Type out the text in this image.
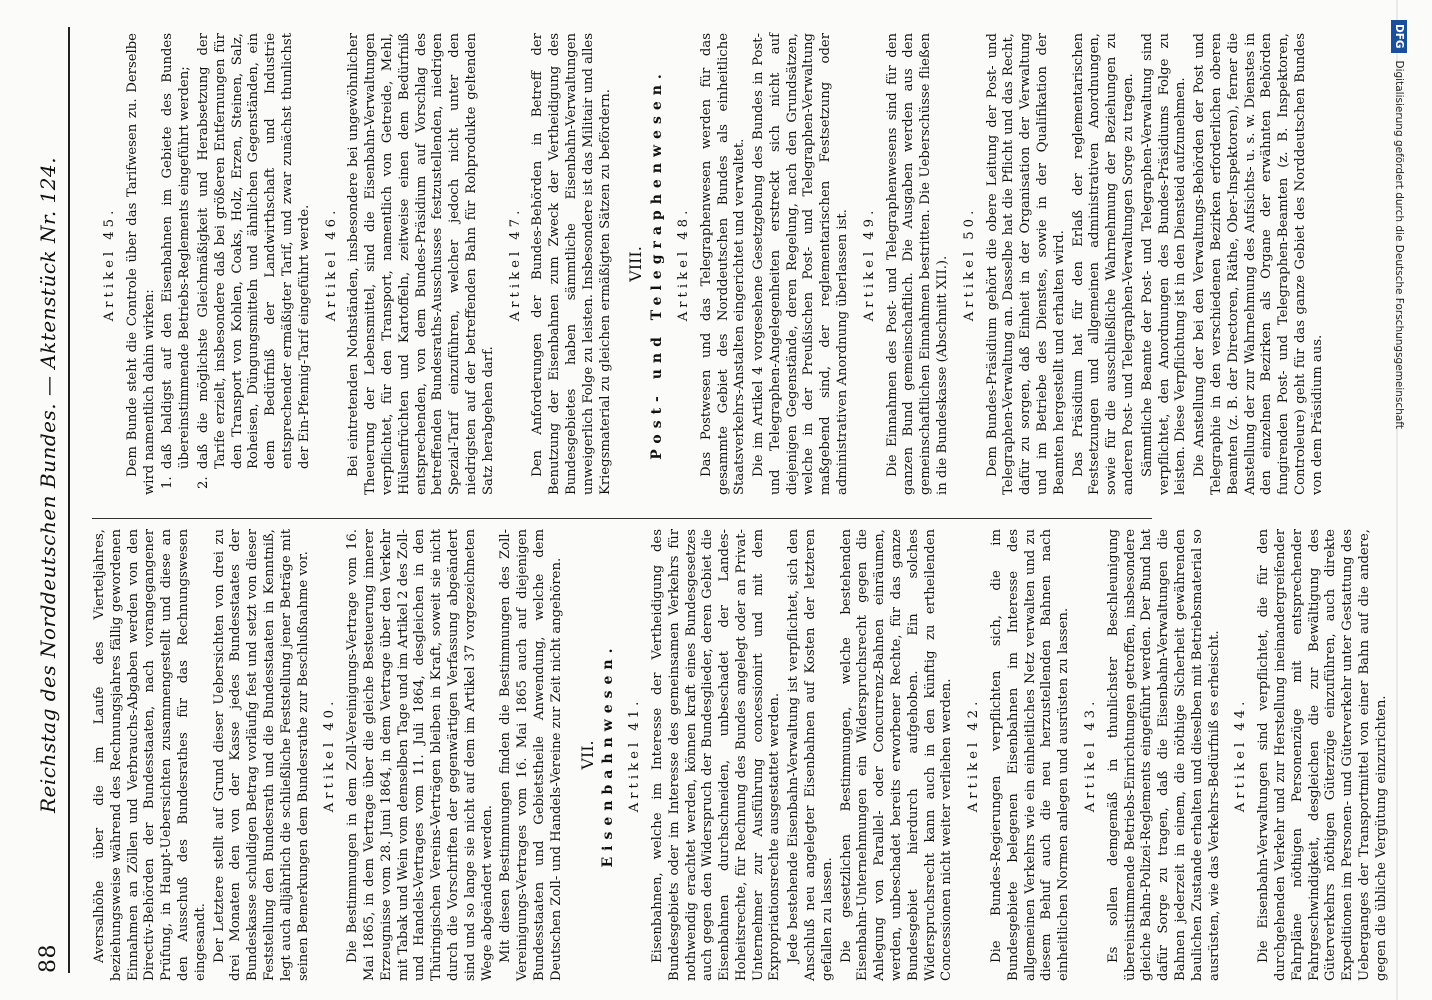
88
Reichstag des Norddeutschen Bundes. — Aktenstück Nr. 124. Aversalhöhe über die im Laufe des Vierteljahres, beziehungsweise während des Rechnungsjahres fällig gewordenen Einnahmen an Zöllen und Verbrauchs-Abgaben werden von den Directiv-Behörden der Bundesstaaten, nach vorangegangener Prüfung, in Haupt-Uebersichten zusammengestellt und diese an den Ausschuß des Bundesrathes für das Rechnungswesen eingesandt. Der Letztere stellt auf Grund dieser Uebersichten von drei zu drei Monaten den von der Kasse jedes Bundesstaates der Bundeskasse schuldigen Betrag vorläufig fest und setzt von dieser Feststellung den Bundesrath und die Bundesstaaten in Kenntniß, legt auch alljährlich die schließliche Feststellung jener Beträge mit seinen Bemerkungen dem Bundesrathe zur Beschlußnahme vor. Artikel 40. Die Bestimmungen in dem Zoll-Vereinigungs-Vertrage vom 16. Mai 1865, in dem Vertrage über die gleiche Besteuerung innerer Erzeugnisse vom 28. Juni 1864, in dem Vertrage über den Verkehr mit Tabak und Wein vom demselben Tage und im Artikel 2 des Zoll- und Handels-Vertrages vom 11. Juli 1864, desgleichen in den Thüringischen Vereins-Verträgen bleiben in Kraft, soweit sie nicht durch die Vorschriften der gegenwärtigen Verfassung abgeändert sind und so lange sie nicht auf dem im Artikel 37 vorgezeichneten Wege abgeändert werden. Mit diesen Bestimmungen finden die Bestimmungen des Zoll-Vereinigungs-Vertrages vom 16. Mai 1865 auch auf diejenigen Bundesstaaten und Gebietstheile Anwendung, welche dem Deutschen Zoll- und Handels-Vereine zur Zeit nicht angehören. VII. Eisenbahnwesen. Artikel 41. Eisenbahnen, welche im Interesse der Vertheidigung des Bundesgebiets oder im Interesse des gemeinsamen Verkehrs für nothwendig erachtet werden, können kraft eines Bundesgesetzes auch gegen den Widerspruch der Bundesglieder, deren Gebiet die Eisenbahnen durchschneiden, unbeschadet der Landes-Hoheitsrechte, für Rechnung des Bundes angelegt oder an Privat-Unternehmer zur Ausführung concessionirt und mit dem Expropriationsrechte ausgestattet werden. Jede bestehende Eisenbahn-Verwaltung ist verpflichtet, sich den Anschluß neu angelegter Eisenbahnen auf Kosten der letzteren gefallen zu lassen. Die gesetzlichen Bestimmungen, welche bestehenden Eisenbahn-Unternehmungen ein Widerspruchsrecht gegen die Anlegung von Parallel- oder Concurrenz-Bahnen einräumen, werden, unbeschadet bereits erworbener Rechte, für das ganze Bundesgebiet hierdurch aufgehoben. Ein solches Widerspruchsrecht kann auch in den künftig zu ertheilenden Concessionen nicht weiter verliehen werden. Artikel 42. Die Bundes-Regierungen verpflichten sich, die im Bundesgebiete belegenen Eisenbahnen im Interesse des allgemeinen Verkehrs wie ein einheitliches Netz verwalten und zu diesem Behuf auch die neu herzustellenden Bahnen nach einheitlichen Normen anlegen und ausrüsten zu lassen. Artikel 43. Es sollen demgemäß in thunlichster Beschleunigung übereinstimmende Betriebs-Einrichtungen getroffen, insbesondere gleiche Bahn-Polizei-Reglements eingeführt werden. Der Bund hat dafür Sorge zu tragen, daß die Eisenbahn-Verwaltungen die Bahnen jederzeit in einem, die nöthige Sicherheit gewährenden baulichen Zustande erhalten und dieselben mit Betriebsmaterial so ausrüsten, wie das Verkehrs-Bedürfniß es erheischt. Artikel 44. Die Eisenbahn-Verwaltungen sind verpflichtet, die für den durchgehenden Verkehr und zur Herstellung ineinandergreifender Fahrpläne nöthigen Personenzüge mit entsprechender Fahrgeschwindigkeit, desgleichen die zur Bewältigung des Güterverkehrs nöthigen Güterzüge einzuführen, auch direkte Expeditionen im Personen- und Güterverkehr unter Gestattung des Ueberganges der Transportmittel von einer Bahn auf die andere, gegen die übliche Vergütung einzurichten.

Artikel 45. Dem Bunde steht die Controle über das Tarifwesen zu. Derselbe wird namentlich dahin wirken: 1.
daß baldigst auf den Eisenbahnen im Gebiete des Bundes übereinstimmende Betriebs-Reglements eingeführt werden;

2.
daß die möglichste Gleichmäßigkeit und Herabsetzung der Tarife erzielt, insbesondere daß bei größeren Entfernungen für den Transport von Kohlen, Coaks, Holz, Erzen, Steinen, Salz, Roheisen, Düngungsmitteln und ähnlichen Gegenständen, ein dem Bedürfniß der Landwirthschaft und Industrie entsprechender ermäßigter Tarif, und zwar zunächst thunlichst der Ein-Pfennig-Tarif eingeführt werde. Artikel 46. Bei eintretenden Nothständen, insbesondere bei ungewöhnlicher Theuerung der Lebensmittel, sind die Eisenbahn-Verwaltungen verpflichtet, für den Transport, namentlich von Getreide, Mehl, Hülsenfrüchten und Kartoffeln, zeitweise einen dem Bedürfniß entsprechenden, von dem Bundes-Präsidium auf Vorschlag des betreffenden Bundesraths-Ausschusses festzustellenden, niedrigen Spezial-Tarif einzuführen, welcher jedoch nicht unter den niedrigsten auf der betreffenden Bahn für Rohprodukte geltenden Satz herabgehen darf.

Artikel 47. Den Anforderungen der Bundes-Behörden in Betreff der Benutzung der Eisenbahnen zum Zweck der Vertheidigung des Bundesgebietes haben sämmtliche Eisenbahn-Verwaltungen unweigerlich Folge zu leisten. Insbesondere ist das Militair und alles Kriegsmaterial zu gleichen ermäßigten Sätzen zu befördern. VIII. Post- und Telegraphenwesen. Artikel 48. Das Postwesen und das Telegraphenwesen werden für das gesammte Gebiet des Norddeutschen Bundes als einheitliche Staatsverkehrs-Anstalten eingerichtet und verwaltet. Die im Artikel 4 vorgesehene Gesetzgebung des Bundes in Post- und Telegraphen-Angelegenheiten erstreckt sich nicht auf diejenigen Gegenstände, deren Regelung, nach den Grundsätzen, welche in der Preußischen Post- und Telegraphen-Verwaltung maßgebend sind, der reglementarischen Festsetzung oder administrativen Anordnung überlassen ist. Artikel 49. Die Einnahmen des Post- und Telegraphenwesens sind für den ganzen Bund gemeinschaftlich. Die Ausgaben werden aus den gemeinschaftlichen Einnahmen bestritten. Die Ueberschüsse fließen in die Bundeskasse (Abschnitt XII.). Artikel 50. Dem Bundes-Präsidium gehört die obere Leitung der Post- und Telegraphen-Verwaltung an. Dasselbe hat die Pflicht und das Recht, dafür zu sorgen, daß Einheit in der Organisation der Verwaltung und im Betriebe des Dienstes, sowie in der Qualifikation der Beamten hergestellt und erhalten wird. Das Präsidium hat für den Erlaß der reglementarischen Festsetzungen und allgemeinen administrativen Anordnungen, sowie für die ausschließliche Wahrnehmung der Beziehungen zu anderen Post- und Telegraphen-Verwaltungen Sorge zu tragen. Sämmtliche Beamte der Post- und Telegraphen-Verwaltung sind verpflichtet, den Anordnungen des Bundes-Präsidiums Folge zu leisten. Diese Verpflichtung ist in den Diensteid aufzunehmen. Die Anstellung der bei den Verwaltungs-Behörden der Post und Telegraphie in den verschiedenen Bezirken erforderlichen oberen Beamten (z. B. der Directoren, Räthe, Ober-Inspektoren), ferner die Anstellung der zur Wahrnehmung des Aufsichts- u. s. w. Dienstes in den einzelnen Bezirken als Organe der erwähnten Behörden fungirenden Post- und Telegraphen-Beamten (z. B. Inspektoren, Controleure) geht für das ganze Gebiet des Norddeutschen Bundes von dem Präsidium aus.

DFGDigitalisierung gefördert durch die Deutsche Forschungsgemeinschaft
